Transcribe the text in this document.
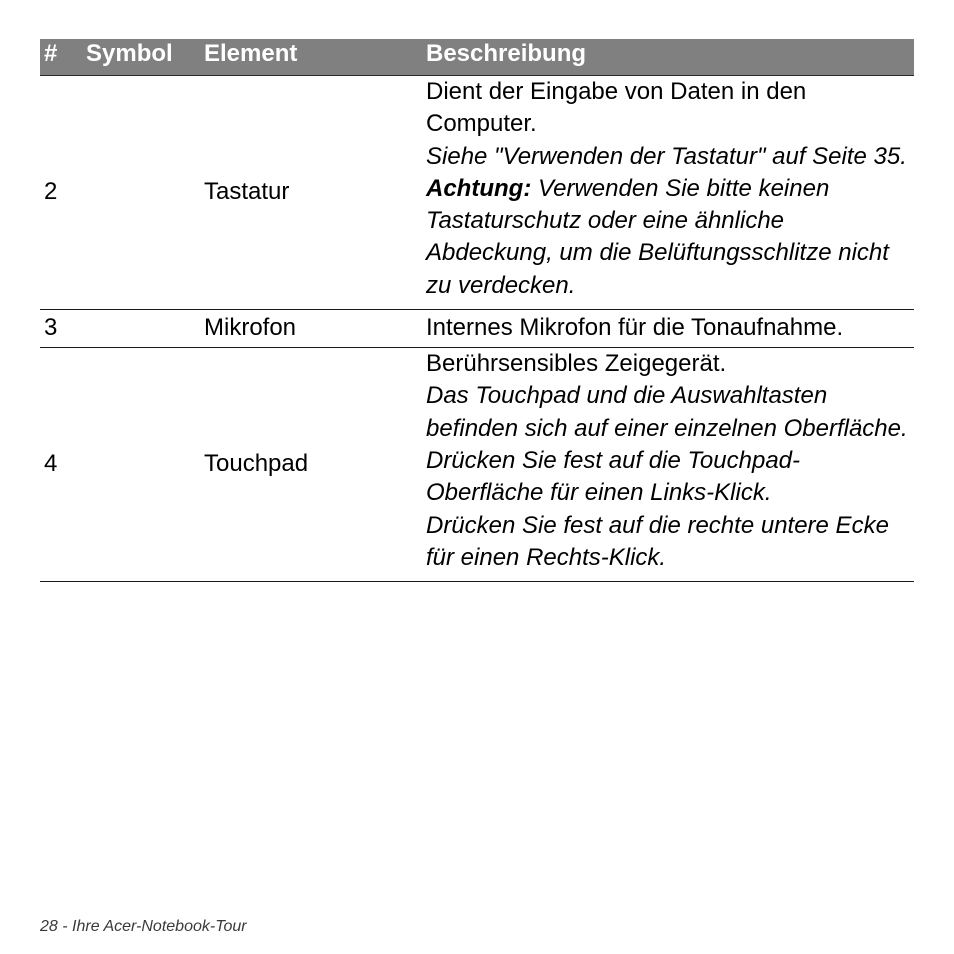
#	Symbol	Element	Beschreibung
2		Tastatur	Dient der Eingabe von Daten in den Computer.
Siehe "Verwenden der Tastatur" auf Seite 35.
Achtung: Verwenden Sie bitte keinen Tastaturschutz oder eine ähnliche Abdeckung, um die Belüftungsschlitze nicht zu verdecken.

3		Mikrofon	Internes Mikrofon für die Tonaufnahme.

4		Touchpad	Berührsensibles Zeigegerät.
Das Touchpad und die Auswahltasten befinden sich auf einer einzelnen Oberfläche.
Drücken Sie fest auf die Touchpad-Oberfläche für einen Links-Klick.
Drücken Sie fest auf die rechte untere Ecke für einen Rechts-Klick.
28 - Ihre Acer-Notebook-Tour
